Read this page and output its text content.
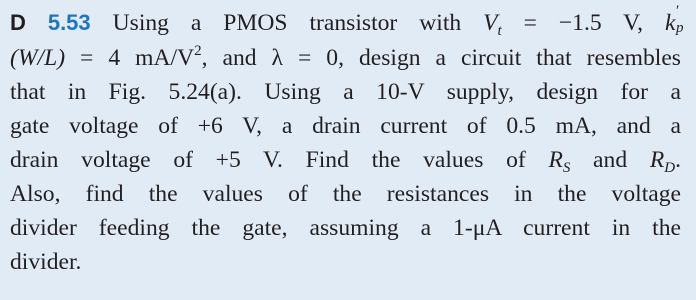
D 5.53 Using a PMOS transistor with $V_t = -1.5$ V, k ′
p
(W/L) = 4 $mA/V^2$, and λ = 0, design a circuit that resembles
that in Fig. 5.24(a). Using a 10-V supply, design for a
gate voltage of +6 V, a drain current of 0.5 mA, and a
drain voltage of +5 V. Find the values of $R_S$ and $R_D$.
Also, find the values of the resistances in the voltage
divider feeding the gate, assuming a 1-μA current in the
divider.
